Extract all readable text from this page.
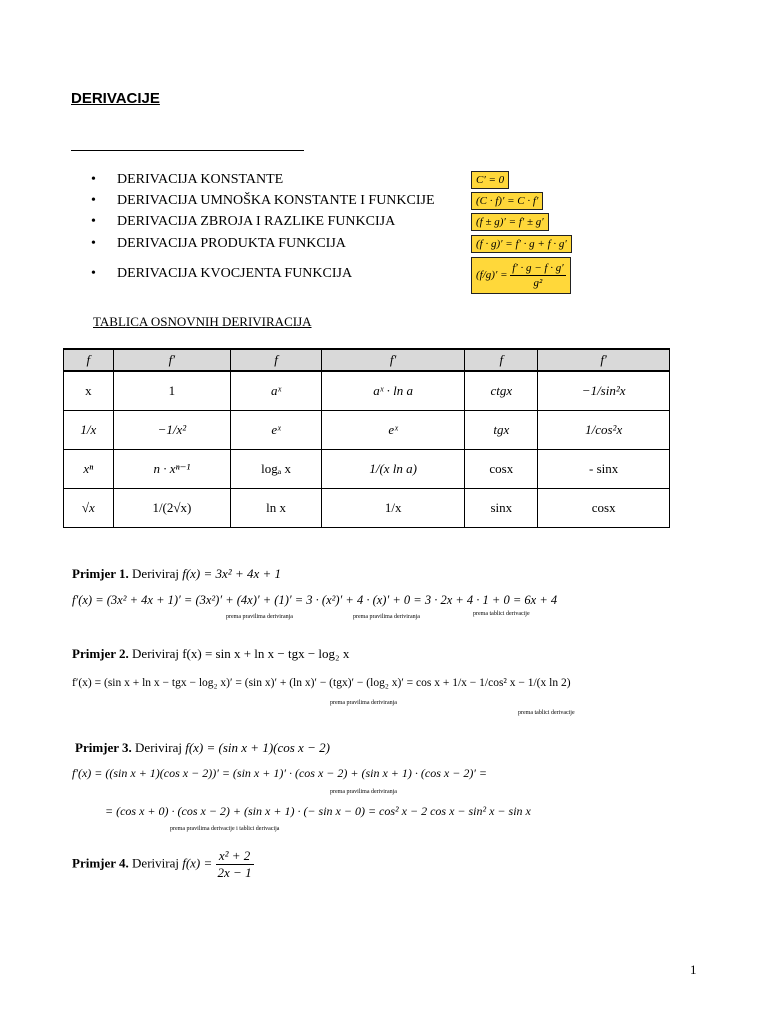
DERIVACIJE
• DERIVACIJA KONSTANTE
• DERIVACIJA UMNOŠKA KONSTANTE I FUNKCIJE
• DERIVACIJA ZBROJA I RAZLIKE FUNKCIJA
• DERIVACIJA PRODUKTA FUNKCIJA
• DERIVACIJA KVOCJENTA FUNKCIJA
C′ = 0
(C · f)′ = C · f′
(f ± g)′ = f′ ± g′
(f · g)′ = f′ · g + f · g′
$(f/g)' = \frac{f' \cdot g - f \cdot g'}{\text{g²}}$
TABLICA OSNOVNIH DERIVIRACIJA
f	f′	f	f′	f	f′
x	1	aˣ	aˣ · ln a	ctgx	−1/sin²x
1/x	−1/x²	eˣ	eˣ	tgx	1/cos²x
xⁿ	n · xⁿ⁻¹	logₐ x	1/(x ln a)	cosx	- sinx
√x	1/(2√x)	ln x	1/x	sinx	cosx
Primjer 1. Deriviraj f(x) = 3x² + 4x + 1
f′(x) = (3x² + 4x + 1)′ = (3x²)′ + (4x)′ + (1)′ = 3 · (x²)′ + 4 · (x)′ + 0 = 3 · 2x + 4 · 1 + 0 = 6x + 4
prema pravilima deriviranja	prema pravilima deriviranja	prema tablici derivacije
Primjer 2. Deriviraj f(x) = sin x + ln x − tgx − log₂ x
f′(x) = (sin x + ln x − tgx − log₂ x)′ = (sin x)′ + (ln x)′ − (tgx)′ − (log₂ x)′ = cos x + 1/x − 1/cos² x − 1/(x ln 2)
prema pravilima deriviranja
prema tablici derivacije
Primjer 3. Deriviraj f(x) = (sin x + 1)(cos x − 2)
f′(x) = ((sin x + 1)(cos x − 2))′ = (sin x + 1)′ · (cos x − 2) + (sin x + 1) · (cos x − 2)′ =
prema pravilima deriviranja
= (cos x + 0) · (cos x − 2) + (sin x + 1) · (− sin x − 0) = cos² x − 2 cos x − sin² x − sin x
prema pravilima derivacije i tablici derivacija
Primjer 4. Deriviraj $f(x) = \frac{\text{x² + 2}}{2x - 1}$
1
